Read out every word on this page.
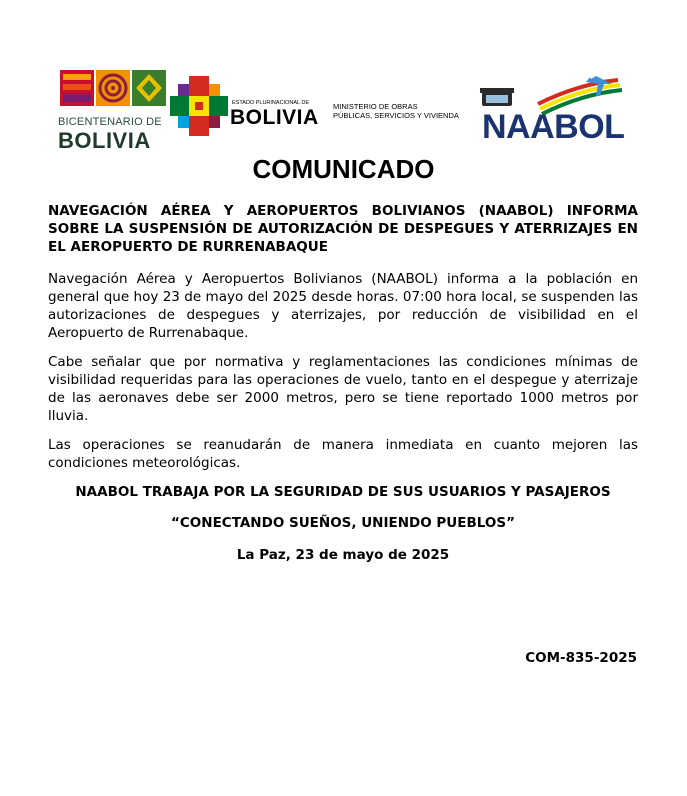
BICENTENARIO DE
BOLIVIA
ESTADO PLURINACIONAL DE
BOLIVIA MINISTERIO DE OBRAS
PÚBLICAS, SERVICIOS Y VIVIENDA NAABOL
COMUNICADO

NAVEGACIÓN AÉREA Y AEROPUERTOS BOLIVIANOS (NAABOL) INFORMA SOBRE LA SUSPENSIÓN DE AUTORIZACIÓN DE DESPEGUES Y ATERRIZAJES EN EL AEROPUERTO DE RURRENABAQUE

Navegación Aérea y Aeropuertos Bolivianos (NAABOL) informa a la población en general que hoy 23 de mayo del 2025 desde horas. 07:00 hora local, se suspenden las autorizaciones de despegues y aterrizajes, por reducción de visibilidad en el Aeropuerto de Rurrenabaque.

Cabe señalar que por normativa y reglamentaciones las condiciones mínimas de visibilidad requeridas para las operaciones de vuelo, tanto en el despegue y aterrizaje de las aeronaves debe ser 2000 metros, pero se tiene reportado 1000 metros por lluvia.

Las operaciones se reanudarán de manera inmediata en cuanto mejoren las condiciones meteorológicas.

NAABOL TRABAJA POR LA SEGURIDAD DE SUS USUARIOS Y PASAJEROS

“CONECTANDO SUEÑOS, UNIENDO PUEBLOS”

La Paz, 23 de mayo de 2025

COM-835-2025
